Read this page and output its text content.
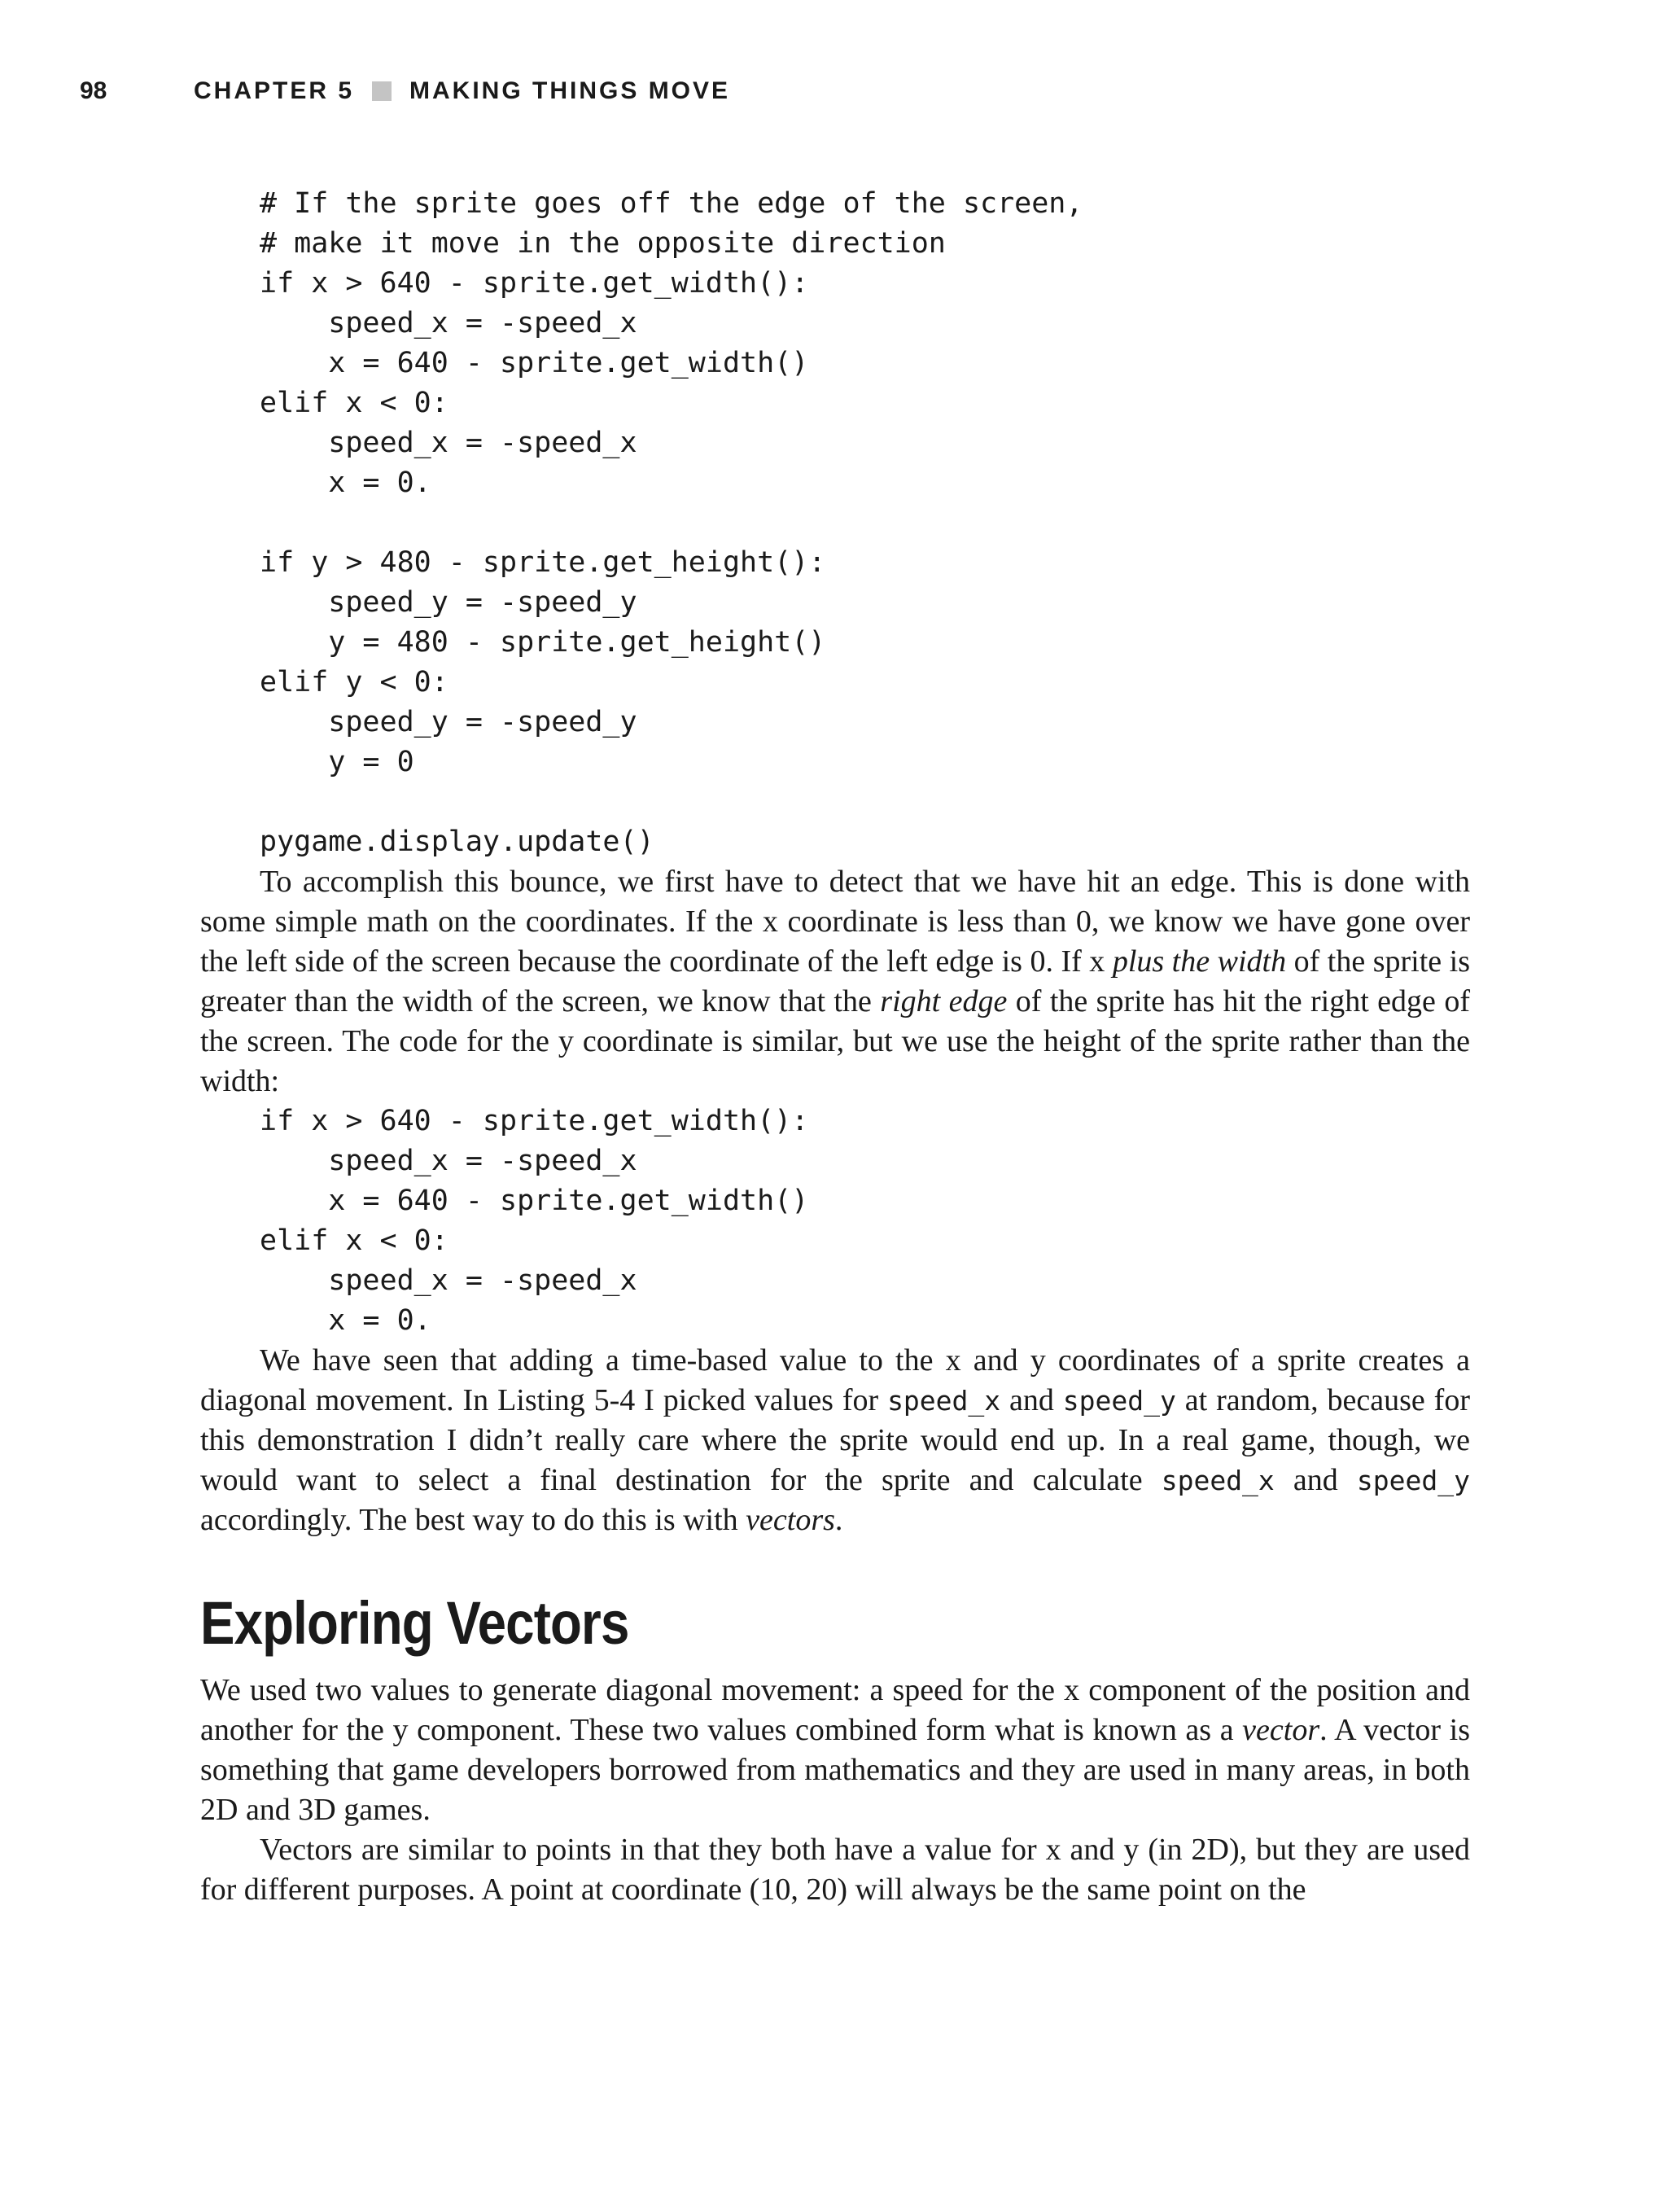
98	CHAPTER 5 MAKING THINGS MOVE
# If the sprite goes off the edge of the screen,
# make it move in the opposite direction
if x > 640 - sprite.get_width():
speed_x = -speed_x
x = 640 - sprite.get_width()
elif x < 0:
speed_x = -speed_x
x = 0.

if y > 480 - sprite.get_height():
speed_y = -speed_y
y = 480 - sprite.get_height()
elif y < 0:
speed_y = -speed_y
y = 0

pygame.display.update()

To accomplish this bounce, we first have to detect that we have hit an edge. This is done with some simple math on the coordinates. If the x coordinate is less than 0, we know we have gone over the left side of the screen because the coordinate of the left edge is 0. If x plus the width of the sprite is greater than the width of the screen, we know that the right edge of the sprite has hit the right edge of the screen. The code for the y coordinate is similar, but we use the height of the sprite rather than the width:

if x > 640 - sprite.get_width():
speed_x = -speed_x
x = 640 - sprite.get_width()
elif x < 0:
speed_x = -speed_x
x = 0.

We have seen that adding a time-based value to the x and y coordinates of a sprite creates a diagonal movement. In Listing 5-4 I picked values for speed_x and speed_y at random, because for this demonstration I didn’t really care where the sprite would end up. In a real game, though, we would want to select a final destination for the sprite and calculate speed_x and speed_y accordingly. The best way to do this is with vectors.

Exploring Vectors

We used two values to generate diagonal movement: a speed for the x component of the position and another for the y component. These two values combined form what is known as a vector. A vector is something that game developers borrowed from mathematics and they are used in many areas, in both 2D and 3D games.

Vectors are similar to points in that they both have a value for x and y (in 2D), but they are used for different purposes. A point at coordinate (10, 20) will always be the same point on the
